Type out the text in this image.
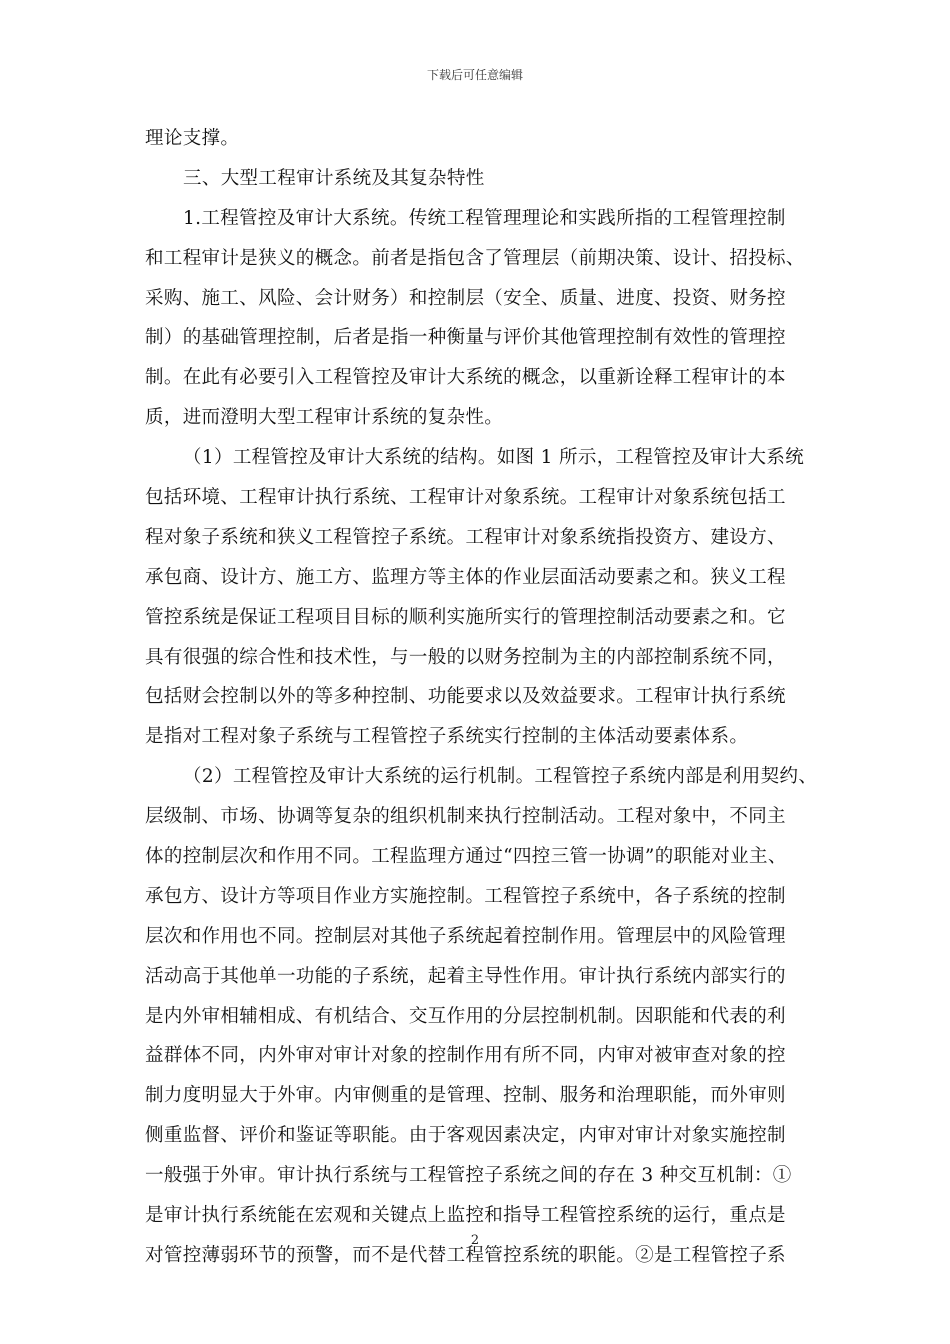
下载后可任意编辑
理论支撑。
三、大型工程审计系统及其复杂特性
1.工程管控及审计大系统。传统工程管理理论和实践所指的工程管理控制
和工程审计是狭义的概念。前者是指包含了管理层（前期决策、设计、招投标、
采购、施工、风险、会计财务）和控制层（安全、质量、进度、投资、财务控
制）的基础管理控制，后者是指一种衡量与评价其他管理控制有效性的管理控
制。在此有必要引入工程管控及审计大系统的概念，以重新诠释工程审计的本
质，进而澄明大型工程审计系统的复杂性。
（1）工程管控及审计大系统的结构。如图 1 所示，工程管控及审计大系统
包括环境、工程审计执行系统、工程审计对象系统。工程审计对象系统包括工
程对象子系统和狭义工程管控子系统。工程审计对象系统指投资方、建设方、
承包商、设计方、施工方、监理方等主体的作业层面活动要素之和。狭义工程
管控系统是保证工程项目目标的顺利实施所实行的管理控制活动要素之和。它
具有很强的综合性和技术性，与一般的以财务控制为主的内部控制系统不同，
包括财会控制以外的等多种控制、功能要求以及效益要求。工程审计执行系统
是指对工程对象子系统与工程管控子系统实行控制的主体活动要素体系。
（2）工程管控及审计大系统的运行机制。工程管控子系统内部是利用契约、
层级制、市场、协调等复杂的组织机制来执行控制活动。工程对象中，不同主
体的控制层次和作用不同。工程监理方通过“四控三管一协调”的职能对业主、
承包方、设计方等项目作业方实施控制。工程管控子系统中，各子系统的控制
层次和作用也不同。控制层对其他子系统起着控制作用。管理层中的风险管理
活动高于其他单一功能的子系统，起着主导性作用。审计执行系统内部实行的
是内外审相辅相成、有机结合、交互作用的分层控制机制。因职能和代表的利
益群体不同，内外审对审计对象的控制作用有所不同，内审对被审查对象的控
制力度明显大于外审。内审侧重的是管理、控制、服务和治理职能，而外审则
侧重监督、评价和鉴证等职能。由于客观因素决定，内审对审计对象实施控制
一般强于外审。审计执行系统与工程管控子系统之间的存在 3 种交互机制：①
是审计执行系统能在宏观和关键点上监控和指导工程管控系统的运行，重点是
对管控薄弱环节的预警，而不是代替工程管控系统的职能。②是工程管控子系
2
